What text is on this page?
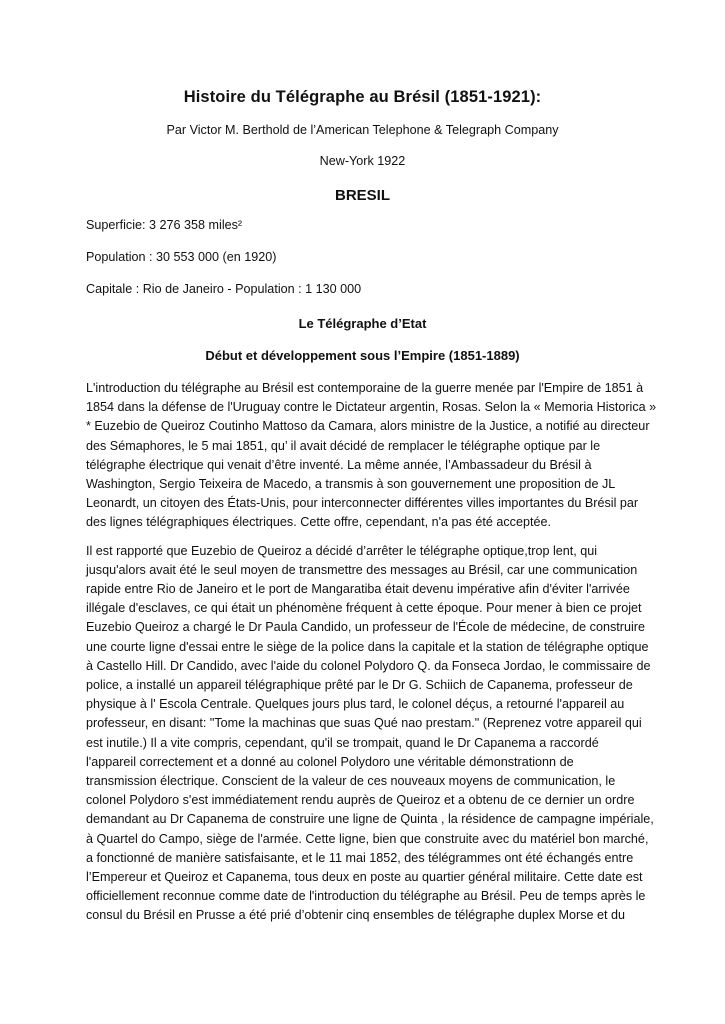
Histoire du Télégraphe au Brésil (1851-1921):

Par Victor M. Berthold de l’American Telephone & Telegraph Company

New-York 1922

BRESIL

Superficie: 3 276 358 miles²

Population : 30 553 000 (en 1920)

Capitale : Rio de Janeiro - Population : 1 130 000

Le Télégraphe d’Etat
Début et développement sous l’Empire (1851-1889)

L'introduction du télégraphe au Brésil est contemporaine de la guerre menée par l'Empire de 1851 à
1854 dans la défense de l'Uruguay contre le Dictateur argentin, Rosas. Selon la « Memoria Historica »
* Euzebio de Queiroz Coutinho Mattoso da Camara, alors ministre de la Justice, a notifié au directeur
des Sémaphores, le 5 mai 1851, qu’ il avait décidé de remplacer le télégraphe optique par le
télégraphe électrique qui venait d’être inventé. La même année, l’Ambassadeur du Brésil à
Washington, Sergio Teixeira de Macedo, a transmis à son gouvernement une proposition de JL
Leonardt, un citoyen des États-Unis, pour interconnecter différentes villes importantes du Brésil par
des lignes télégraphiques électriques. Cette offre, cependant, n'a pas été acceptée.

Il est rapporté que Euzebio de Queiroz a décidé d’arrêter le télégraphe optique,trop lent, qui
jusqu'alors avait été le seul moyen de transmettre des messages au Brésil, car une communication
rapide entre Rio de Janeiro et le port de Mangaratiba était devenu impérative afin d'éviter l'arrivée
illégale d'esclaves, ce qui était un phénomène fréquent à cette époque. Pour mener à bien ce projet
Euzebio Queiroz a chargé le Dr Paula Candido, un professeur de l'École de médecine, de construire
une courte ligne d'essai entre le siège de la police dans la capitale et la station de télégraphe optique
à Castello Hill. Dr Candido, avec l'aide du colonel Polydoro Q. da Fonseca Jordao, le commissaire de
police, a installé un appareil télégraphique prêté par le Dr G. Schiich de Capanema, professeur de
physique à l' Escola Centrale. Quelques jours plus tard, le colonel déçus, a retourné l'appareil au
professeur, en disant: "Tome la machinas que suas Qué nao prestam." (Reprenez votre appareil qui
est inutile.) Il a vite compris, cependant, qu'il se trompait, quand le Dr Capanema a raccordé
l'appareil correctement et a donné au colonel Polydoro une véritable démonstrationn de
transmission électrique. Conscient de la valeur de ces nouveaux moyens de communication, le
colonel Polydoro s'est immédiatement rendu auprès de Queiroz et a obtenu de ce dernier un ordre
demandant au Dr Capanema de construire une ligne de Quinta , la résidence de campagne impériale,
à Quartel do Campo, siège de l'armée. Cette ligne, bien que construite avec du matériel bon marché,
a fonctionné de manière satisfaisante, et le 11 mai 1852, des télégrammes ont été échangés entre
l’Empereur et Queiroz et Capanema, tous deux en poste au quartier général militaire. Cette date est
officiellement reconnue comme date de l'introduction du télégraphe au Brésil. Peu de temps après le
consul du Brésil en Prusse a été prié d’obtenir cinq ensembles de télégraphe duplex Morse et du
